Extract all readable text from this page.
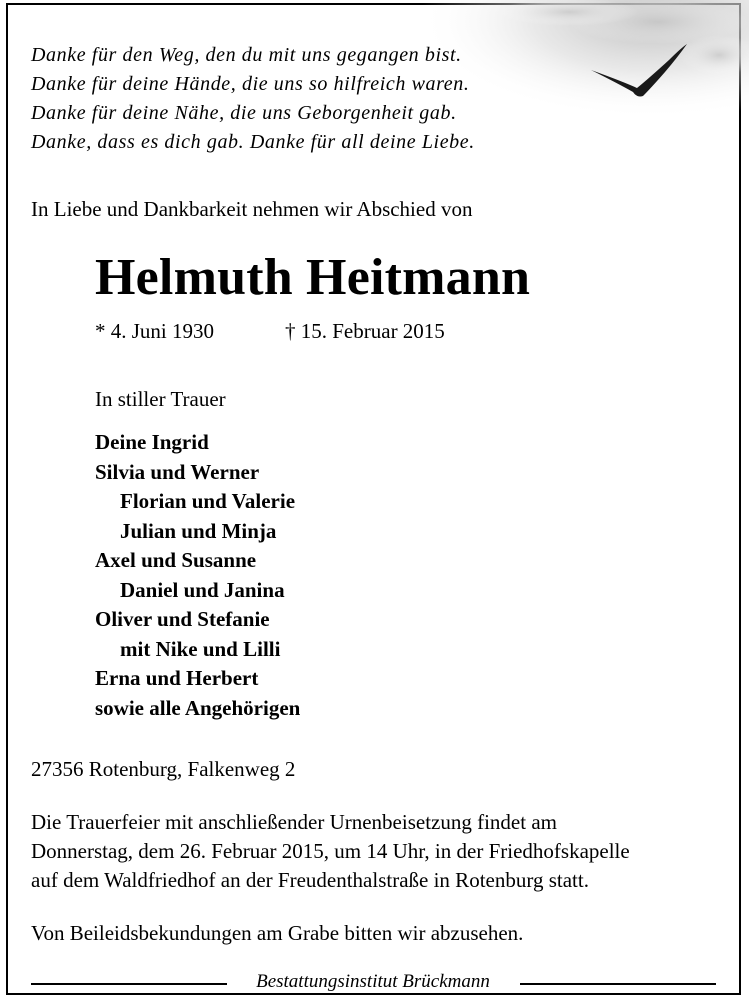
Danke für den Weg, den du mit uns gegangen bist.
Danke für deine Hände, die uns so hilfreich waren.
Danke für deine Nähe, die uns Geborgenheit gab.
Danke, dass es dich gab. Danke für all deine Liebe.
In Liebe und Dankbarkeit nehmen wir Abschied von
Helmuth Heitmann
* 4. Juni 1930	† 15. Februar 2015
In stiller Trauer
Deine Ingrid
Silvia und Werner
Florian und Valerie
Julian und Minja
Axel und Susanne
Daniel und Janina
Oliver und Stefanie
mit Nike und Lilli
Erna und Herbert
sowie alle Angehörigen
27356 Rotenburg, Falkenweg 2
Die Trauerfeier mit anschließender Urnenbeisetzung findet am
Donnerstag, dem 26. Februar 2015, um 14 Uhr, in der Friedhofskapelle
auf dem Waldfriedhof an der Freudenthalstraße in Rotenburg statt.
Von Beileidsbekundungen am Grabe bitten wir abzusehen.
Bestattungsinstitut Brückmann
